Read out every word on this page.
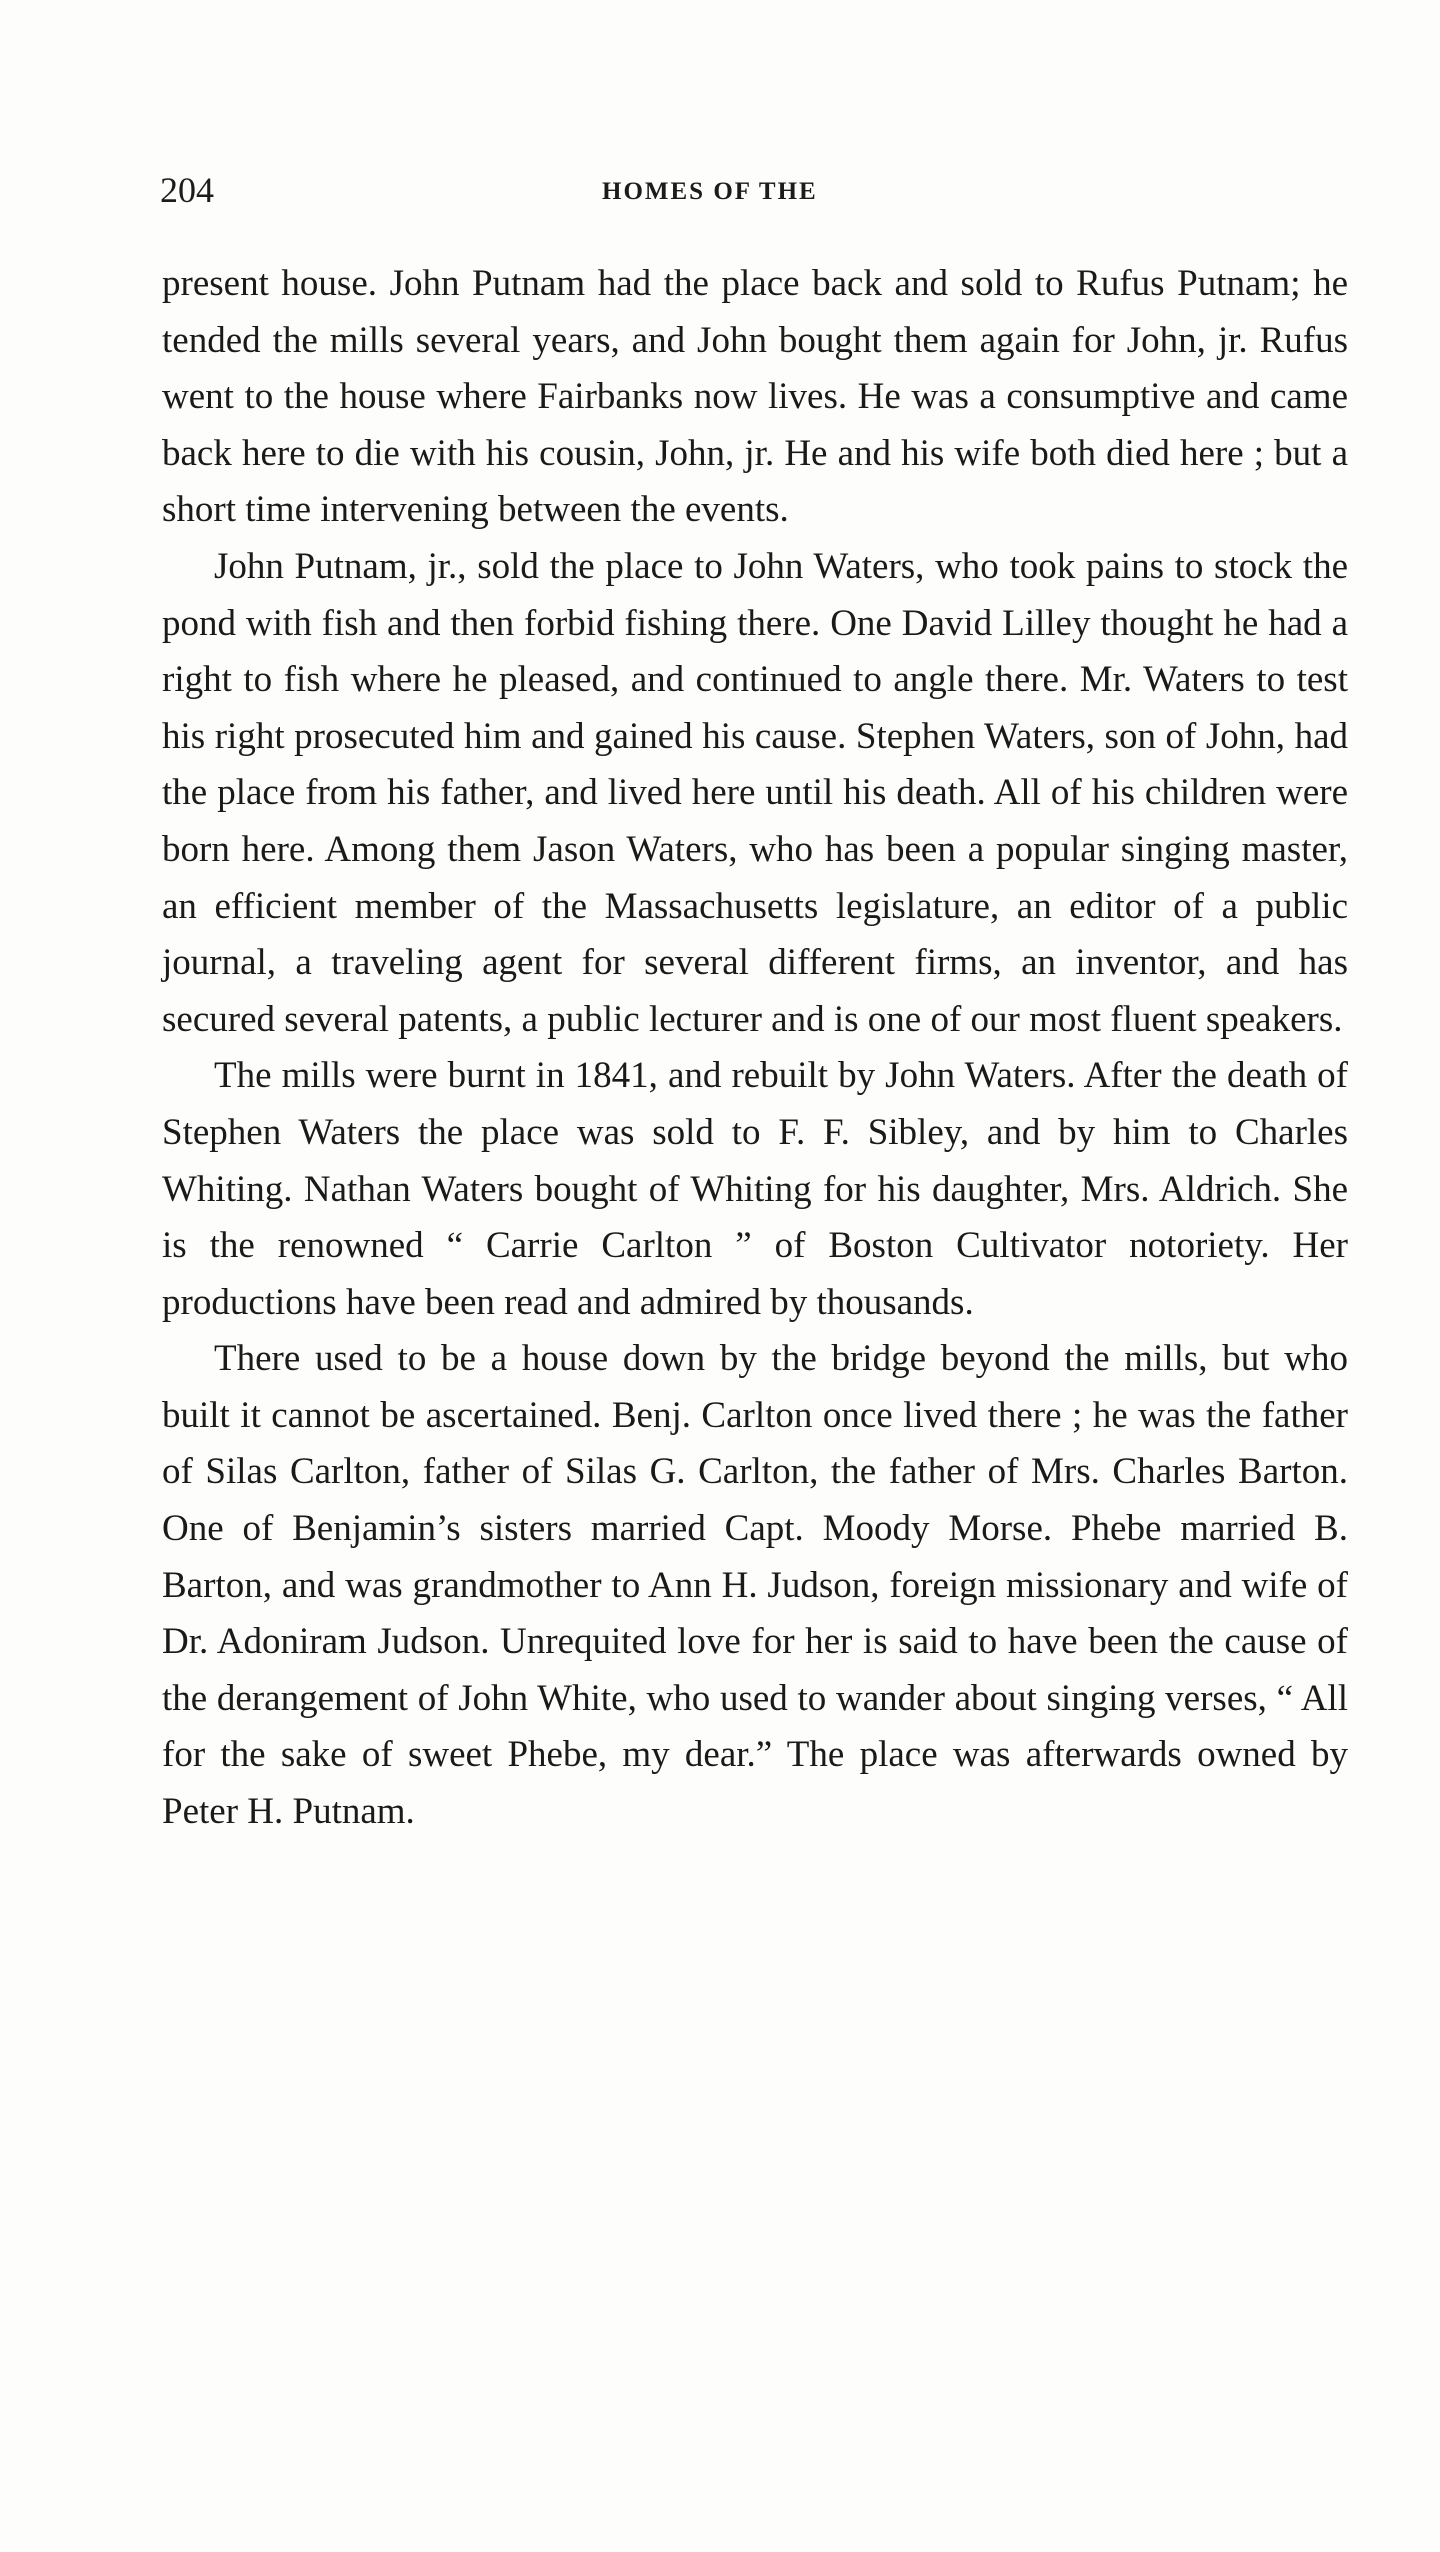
204	HOMES OF THE

present house. John Putnam had the place back and sold to Rufus Putnam; he tended the mills several years, and John bought them again for John, jr. Rufus went to the house where Fairbanks now lives. He was a consumptive and came back here to die with his cousin, John, jr. He and his wife both died here ; but a short time intervening between the events.

John Putnam, jr., sold the place to John Waters, who took pains to stock the pond with fish and then forbid fishing there. One David Lilley thought he had a right to fish where he pleased, and continued to angle there. Mr. Waters to test his right prosecuted him and gained his cause. Stephen Waters, son of John, had the place from his father, and lived here until his death. All of his children were born here. Among them Jason Waters, who has been a popular singing master, an efficient member of the Massachusetts legislature, an editor of a public journal, a traveling agent for several different firms, an inventor, and has secured several patents, a public lecturer and is one of our most fluent speakers.

The mills were burnt in 1841, and rebuilt by John Waters. After the death of Stephen Waters the place was sold to F. F. Sibley, and by him to Charles Whiting. Nathan Waters bought of Whiting for his daughter, Mrs. Aldrich. She is the renowned “ Carrie Carlton ” of Boston Cultivator notoriety. Her productions have been read and admired by thousands.

There used to be a house down by the bridge beyond the mills, but who built it cannot be ascertained. Benj. Carlton once lived there ; he was the father of Silas Carlton, father of Silas G. Carlton, the father of Mrs. Charles Barton. One of Benjamin’s sisters married Capt. Moody Morse. Phebe married B. Barton, and was grandmother to Ann H. Judson, foreign missionary and wife of Dr. Adoniram Judson. Unrequited love for her is said to have been the cause of the derangement of John White, who used to wander about singing verses, “ All for the sake of sweet Phebe, my dear.” The place was afterwards owned by Peter H. Putnam.
